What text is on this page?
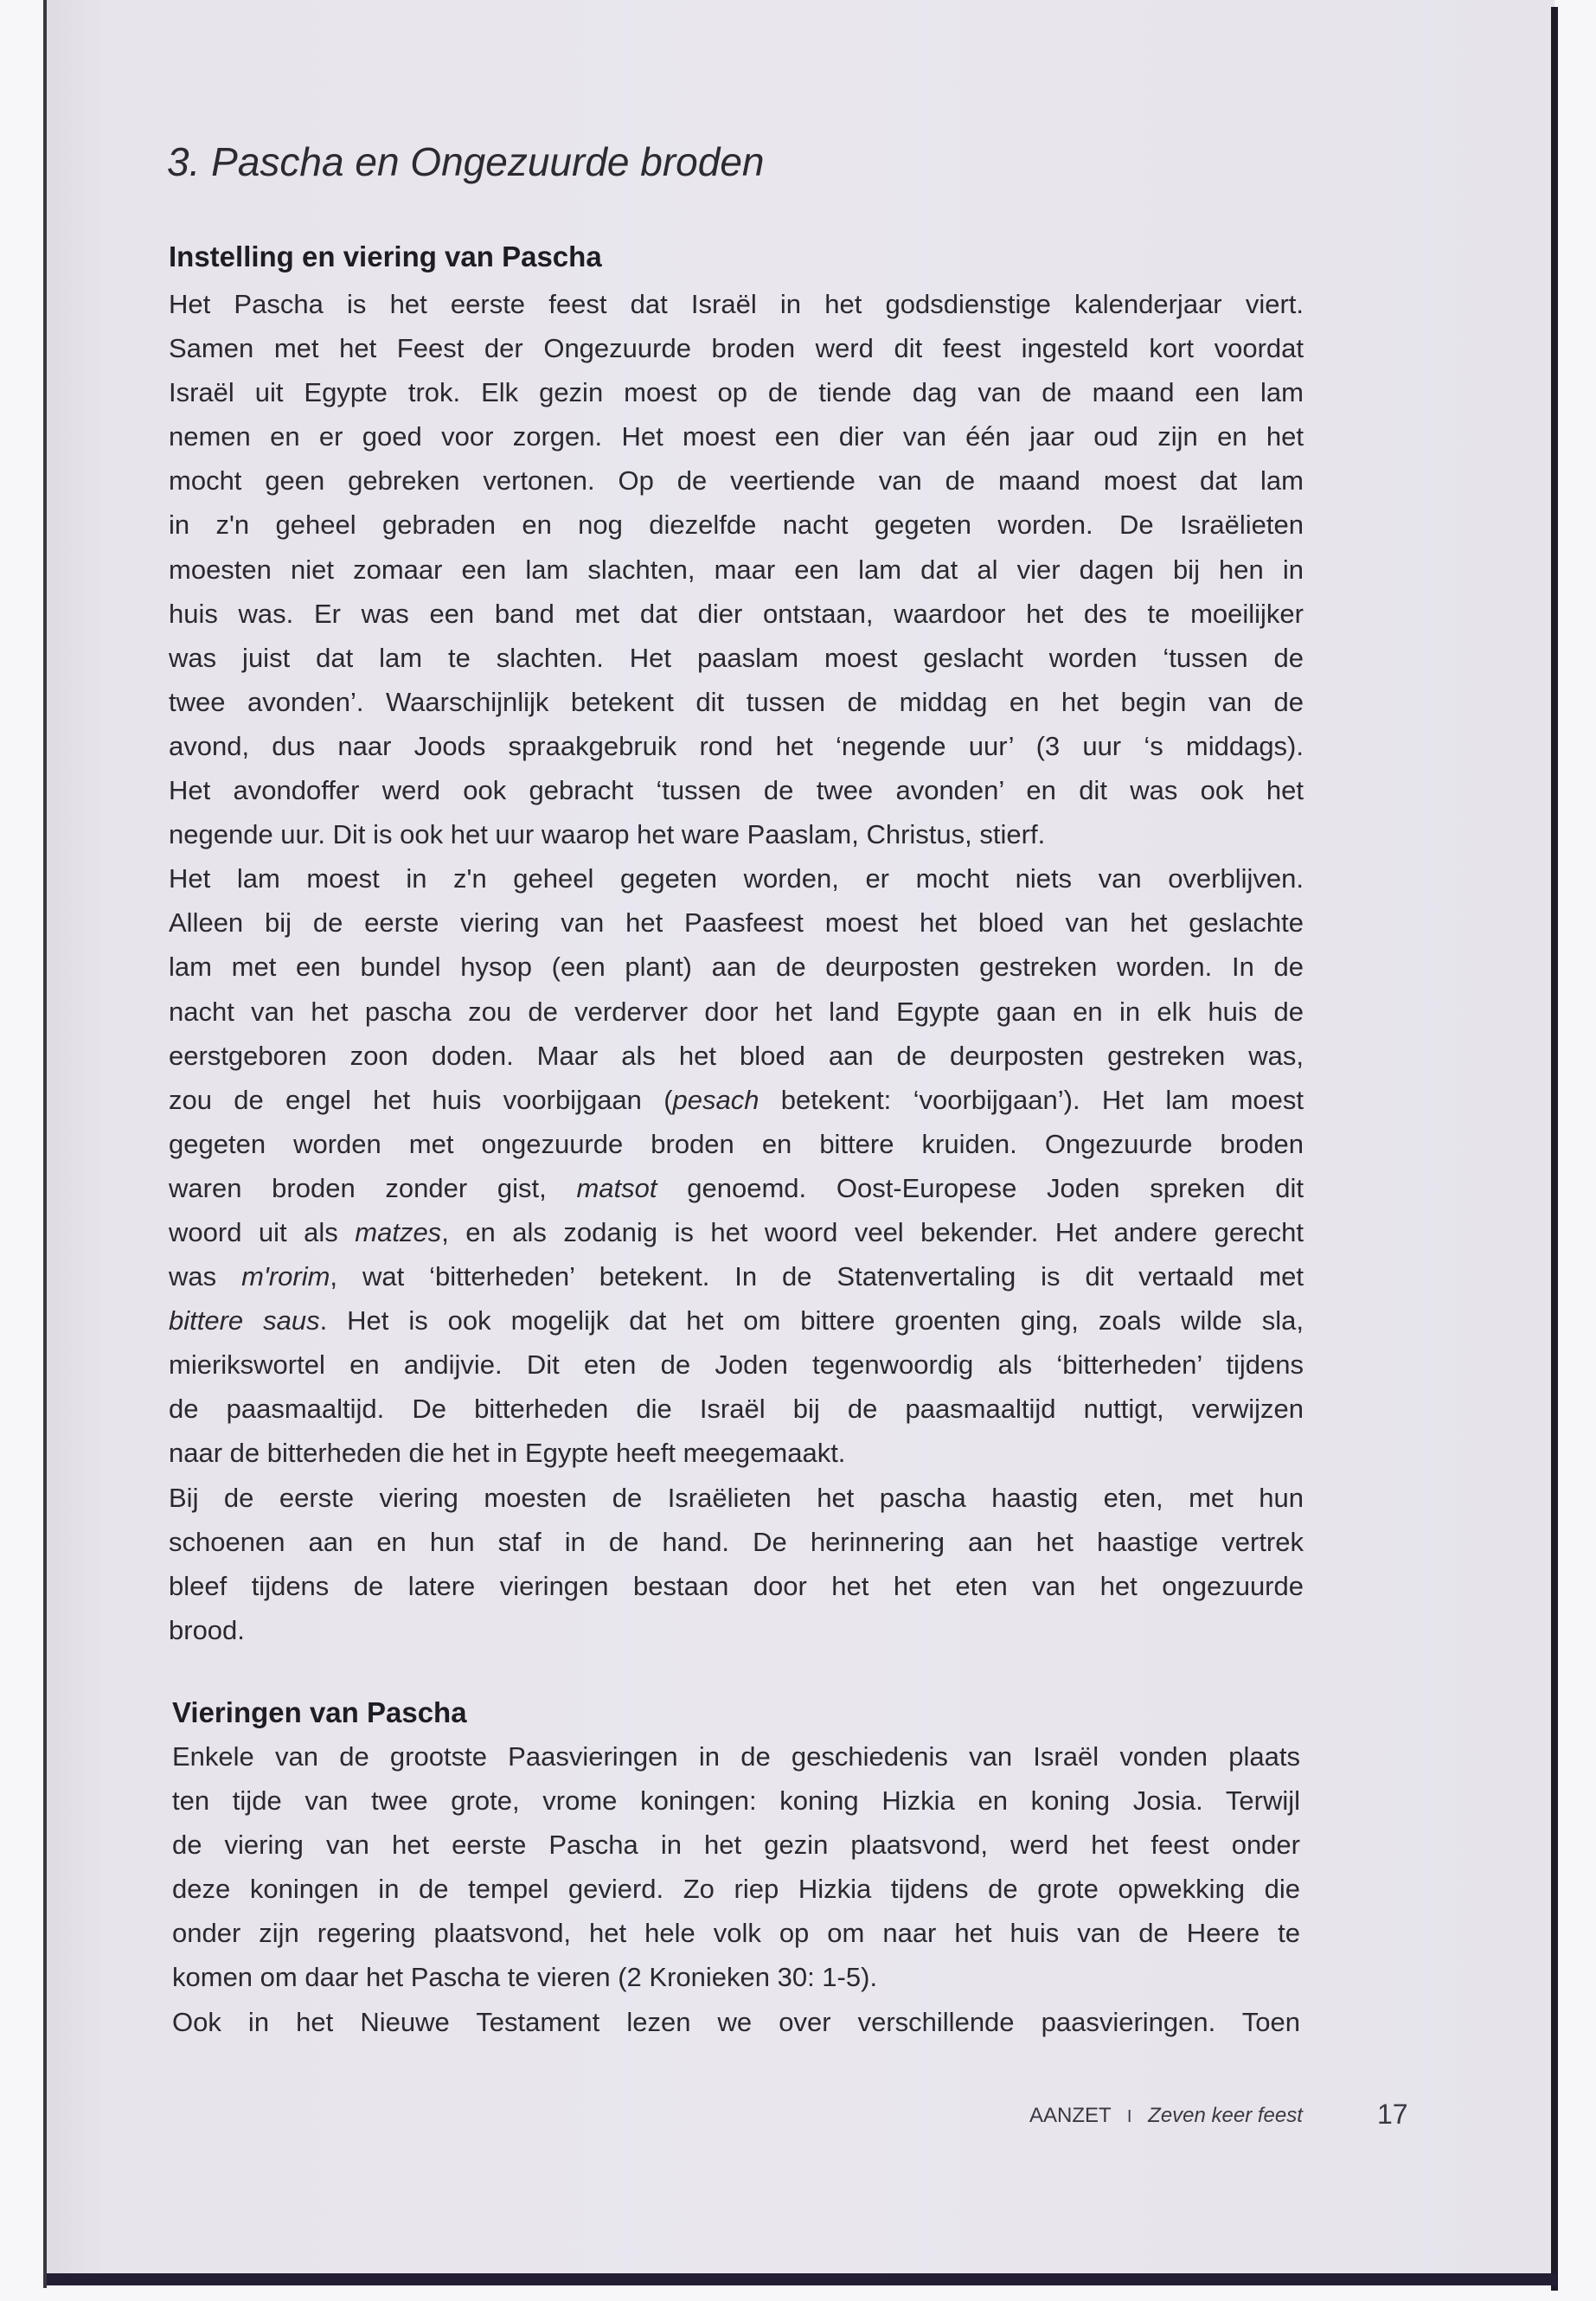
3. Pascha en Ongezuurde broden
Instelling en viering van Pascha
Het Pascha is het eerste feest dat Israël in het godsdienstige kalenderjaar viert.
Samen met het Feest der Ongezuurde broden werd dit feest ingesteld kort voordat
Israël uit Egypte trok. Elk gezin moest op de tiende dag van de maand een lam
nemen en er goed voor zorgen. Het moest een dier van één jaar oud zijn en het
mocht geen gebreken vertonen. Op de veertiende van de maand moest dat lam
in z'n geheel gebraden en nog diezelfde nacht gegeten worden. De Israëlieten
moesten niet zomaar een lam slachten, maar een lam dat al vier dagen bij hen in
huis was. Er was een band met dat dier ontstaan, waardoor het des te moeilijker
was juist dat lam te slachten. Het paaslam moest geslacht worden ‘tussen de
twee avonden’. Waarschijnlijk betekent dit tussen de middag en het begin van de
avond, dus naar Joods spraakgebruik rond het ‘negende uur’ (3 uur ‘s middags).
Het avondoffer werd ook gebracht ‘tussen de twee avonden’ en dit was ook het
negende uur. Dit is ook het uur waarop het ware Paaslam, Christus, stierf.
Het lam moest in z'n geheel gegeten worden, er mocht niets van overblijven.
Alleen bij de eerste viering van het Paasfeest moest het bloed van het geslachte
lam met een bundel hysop (een plant) aan de deurposten gestreken worden. In de
nacht van het pascha zou de verderver door het land Egypte gaan en in elk huis de
eerstgeboren zoon doden. Maar als het bloed aan de deurposten gestreken was,
zou de engel het huis voorbijgaan (pesach betekent: ‘voorbijgaan’). Het lam moest
gegeten worden met ongezuurde broden en bittere kruiden. Ongezuurde broden
waren broden zonder gist, matsot genoemd. Oost-Europese Joden spreken dit
woord uit als matzes, en als zodanig is het woord veel bekender. Het andere gerecht
was m'rorim, wat ‘bitterheden’ betekent. In de Statenvertaling is dit vertaald met
bittere saus. Het is ook mogelijk dat het om bittere groenten ging, zoals wilde sla,
mierikswortel en andijvie. Dit eten de Joden tegenwoordig als ‘bitterheden’ tijdens
de paasmaaltijd. De bitterheden die Israël bij de paasmaaltijd nuttigt, verwijzen
naar de bitterheden die het in Egypte heeft meegemaakt.
Bij de eerste viering moesten de Israëlieten het pascha haastig eten, met hun
schoenen aan en hun staf in de hand. De herinnering aan het haastige vertrek
bleef tijdens de latere vieringen bestaan door het het eten van het ongezuurde
brood.
Vieringen van Pascha
Enkele van de grootste Paasvieringen in de geschiedenis van Israël vonden plaats
ten tijde van twee grote, vrome koningen: koning Hizkia en koning Josia. Terwijl
de viering van het eerste Pascha in het gezin plaatsvond, werd het feest onder
deze koningen in de tempel gevierd. Zo riep Hizkia tijdens de grote opwekking die
onder zijn regering plaatsvond, het hele volk op om naar het huis van de Heere te
komen om daar het Pascha te vieren (2 Kronieken 30: 1-5).
Ook in het Nieuwe Testament lezen we over verschillende paasvieringen. Toen
AANZET I Zeven keer feest	17
